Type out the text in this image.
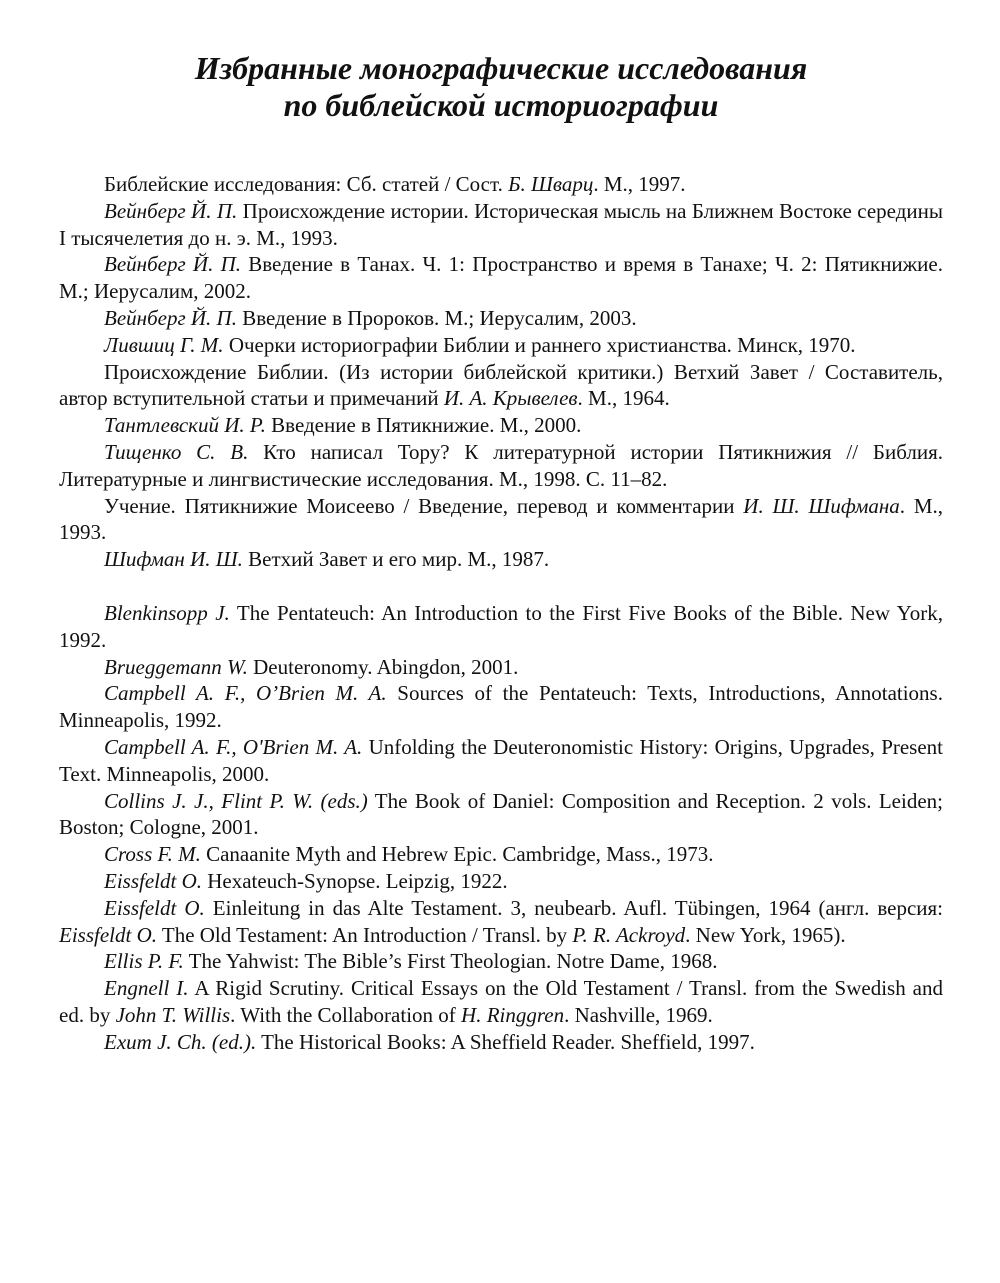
Избранные монографические исследования
по библейской историографии

Библейские исследования: Сб. статей / Сост. Б. Шварц. М., 1997.

Вейнберг Й. П. Происхождение истории. Историческая мысль на Ближнем Востоке середины I тысячелетия до н. э. М., 1993.

Вейнберг Й. П. Введение в Танах. Ч. 1: Пространство и время в Танахе; Ч. 2: Пятикнижие. М.; Иерусалим, 2002.

Вейнберг Й. П. Введение в Пророков. М.; Иерусалим, 2003.

Лившиц Г. М. Очерки историографии Библии и раннего христианства. Минск, 1970.

Происхождение Библии. (Из истории библейской критики.) Ветхий Завет / Составитель, автор вступительной статьи и примечаний И. А. Крывелев. М., 1964.

Тантлевский И. Р. Введение в Пятикнижие. М., 2000.

Тищенко С. В. Кто написал Тору? К литературной истории Пятикнижия // Библия. Литературные и лингвистические исследования. М., 1998. С. 11–82.

Учение. Пятикнижие Моисеево / Введение, перевод и комментарии И. Ш. Шифмана. М., 1993.

Шифман И. Ш. Ветхий Завет и его мир. М., 1987.

Blenkinsopp J. The Pentateuch: An Introduction to the First Five Books of the Bible. New York, 1992.

Brueggemann W. Deuteronomy. Abingdon, 2001.

Campbell A. F., O’Brien M. A. Sources of the Pentateuch: Texts, Introductions, Annotations. Minneapolis, 1992.

Campbell A. F., O'Brien M. A. Unfolding the Deuteronomistic History: Origins, Upgrades, Present Text. Minneapolis, 2000.

Collins J. J., Flint P. W. (eds.) The Book of Daniel: Composition and Reception. 2 vols. Leiden; Boston; Cologne, 2001.

Cross F. M. Canaanite Myth and Hebrew Epic. Cambridge, Mass., 1973.

Eissfeldt O. Hexateuch-Synopse. Leipzig, 1922.

Eissfeldt O. Einleitung in das Alte Testament. 3, neubearb. Aufl. Tübingen, 1964 (англ. версия: Eissfeldt O. The Old Testament: An Introduction / Transl. by P. R. Ackroyd. New York, 1965).

Ellis P. F. The Yahwist: The Bible’s First Theologian. Notre Dame, 1968.

Engnell I. A Rigid Scrutiny. Critical Essays on the Old Testament / Transl. from the Swedish and ed. by John T. Willis. With the Collaboration of H. Ringgren. Nashville, 1969.

Exum J. Ch. (ed.). The Historical Books: A Sheffield Reader. Sheffield, 1997.
